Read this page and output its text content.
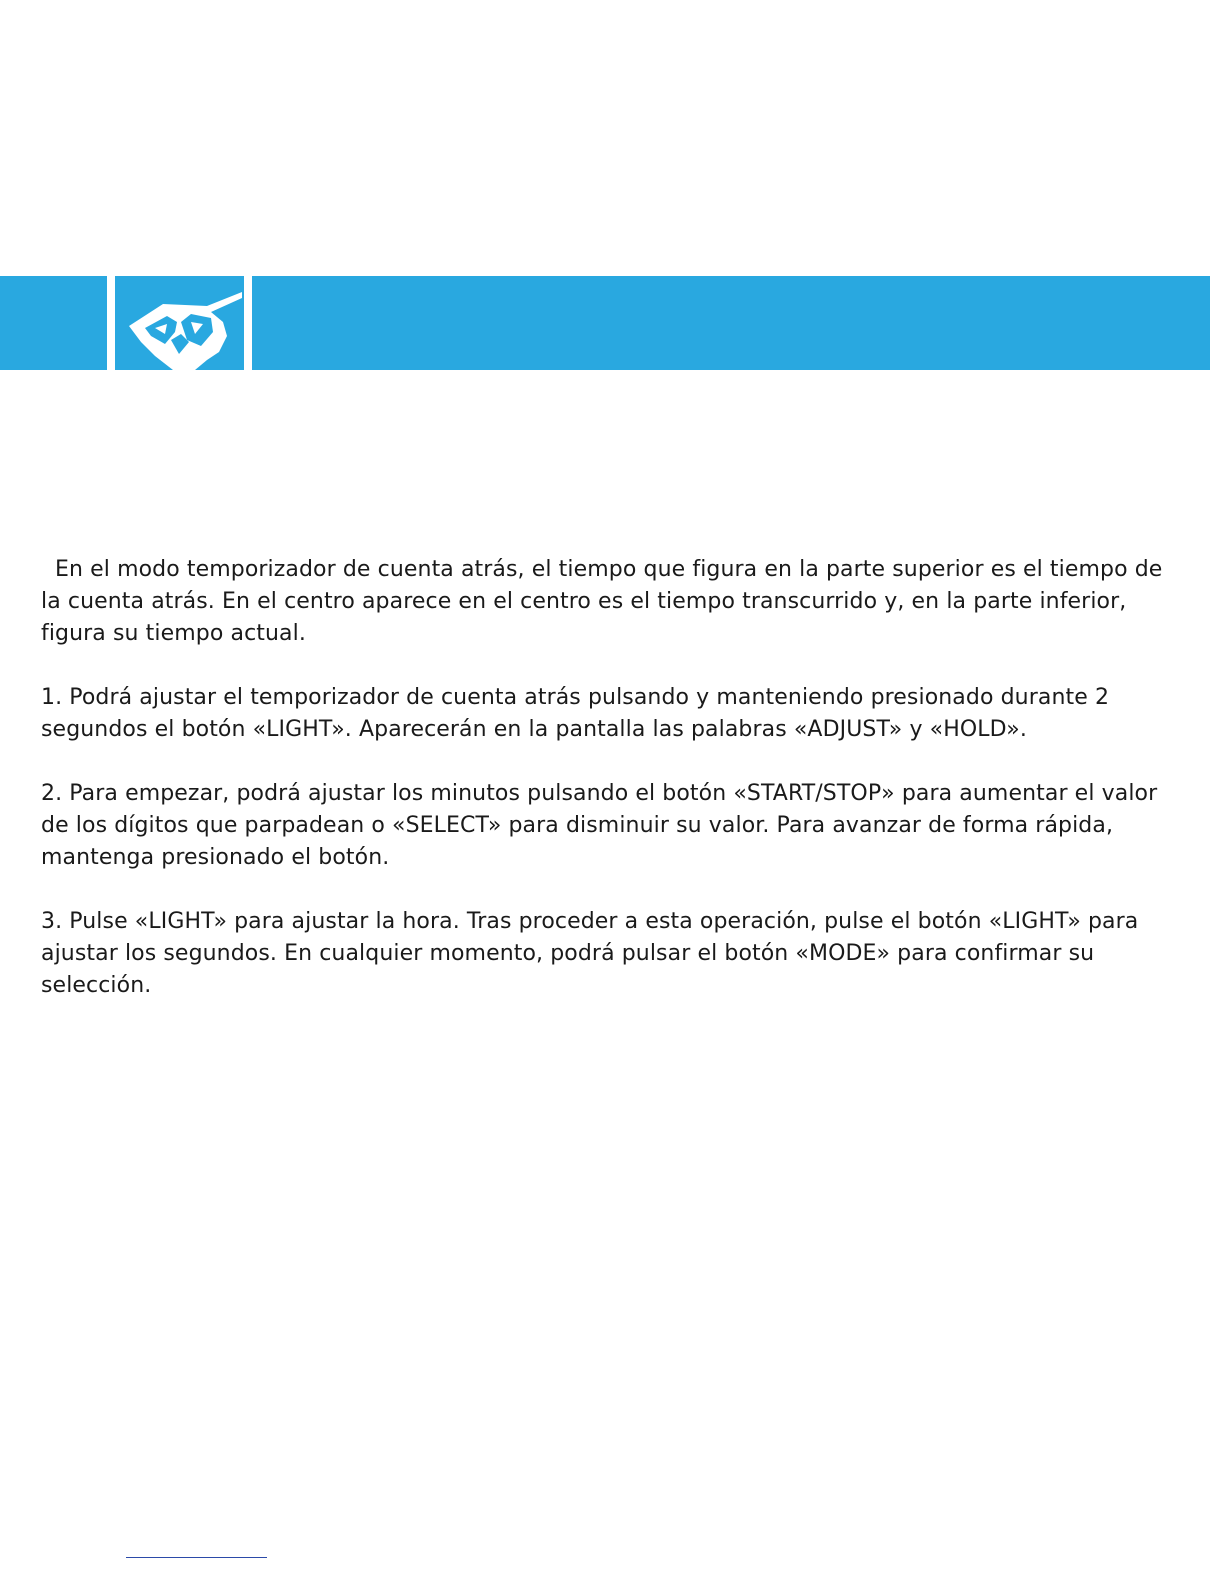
En el modo temporizador de cuenta atrás, el tiempo que figura en la parte superior es el tiempo de la cuenta atrás. En el centro aparece en el centro es el tiempo transcurrido y, en la parte inferior, figura su tiempo actual.

1. Podrá ajustar el temporizador de cuenta atrás pulsando y manteniendo presionado durante 2 segundos el botón «LIGHT». Aparecerán en la pantalla las palabras «ADJUST» y «HOLD».

2. Para empezar, podrá ajustar los minutos pulsando el botón «START/STOP» para aumentar el valor de los dígitos que parpadean o «SELECT» para disminuir su valor. Para avanzar de forma rápida, mantenga presionado el botón.

3. Pulse «LIGHT» para ajustar la hora. Tras proceder a esta operación, pulse el botón «LIGHT» para ajustar los segundos. En cualquier momento, podrá pulsar el botón «MODE» para confirmar su selección.
